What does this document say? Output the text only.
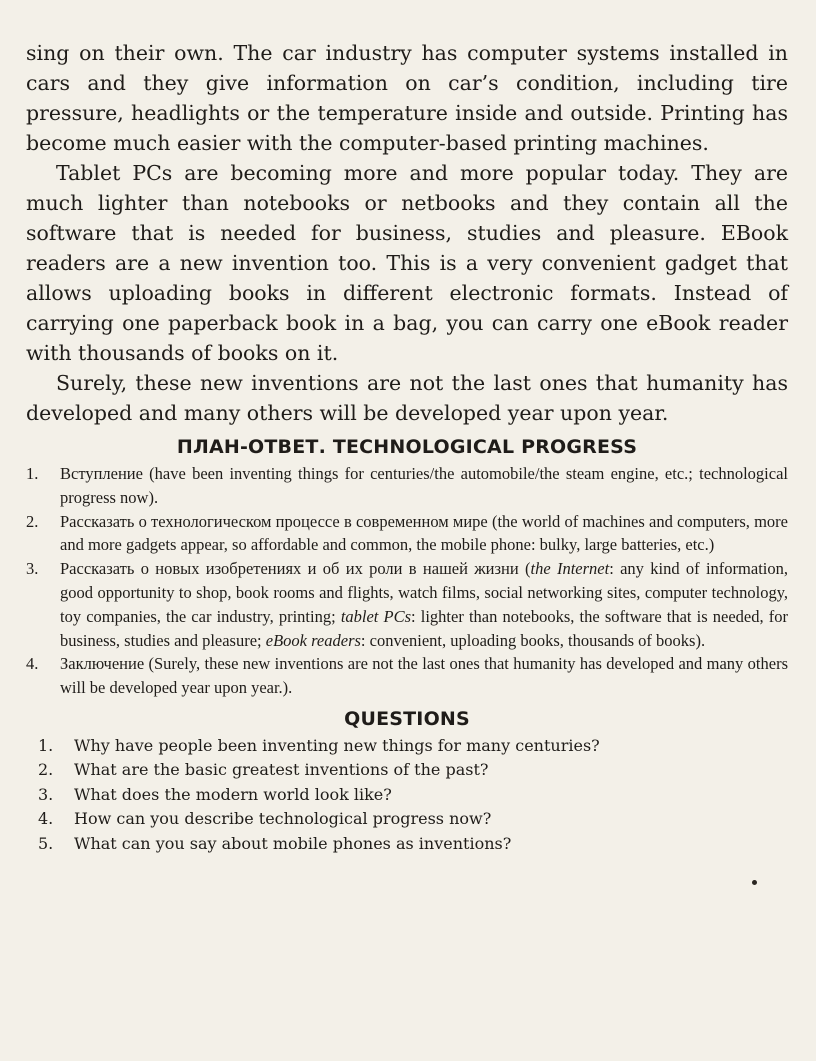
sing on their own. The car industry has computer systems installed in cars and they give information on car’s condition, including tire pressure, headlights or the temperature inside and outside. Printing has become much easier with the computer-based printing machines.

Tablet PCs are becoming more and more popular today. They are much lighter than notebooks or netbooks and they contain all the software that is needed for business, studies and pleasure. EBook readers are a new invention too. This is a very convenient gadget that allows uploading books in different electronic formats. Instead of carrying one paperback book in a bag, you can carry one eBook reader with thousands of books on it.

Surely, these new inventions are not the last ones that humanity has developed and many others will be developed year upon year.

ПЛАН-ОТВЕТ. TECHNOLOGICAL PROGRESS
1. Вступление (have been inventing things for centuries/the automobile/the steam engine, etc.; technological progress now).
2. Рассказать о технологическом процессе в современном мире (the world of machines and computers, more and more gadgets appear, so affordable and common, the mobile phone: bulky, large batteries, etc.)
3. Рассказать о новых изобретениях и об их роли в нашей жизни (the Internet: any kind of information, good opportunity to shop, book rooms and flights, watch films, social networking sites, computer technology, toy companies, the car industry, printing; tablet PCs: lighter than notebooks, the software that is needed, for business, studies and pleasure; eBook readers: convenient, uploading books, thousands of books).
4. Заключение (Surely, these new inventions are not the last ones that humanity has developed and many others will be developed year upon year.).
QUESTIONS
1. Why have people been inventing new things for many centuries?
2. What are the basic greatest inventions of the past?
3. What does the modern world look like?
4. How can you describe technological progress now?
5. What can you say about mobile phones as inventions?
